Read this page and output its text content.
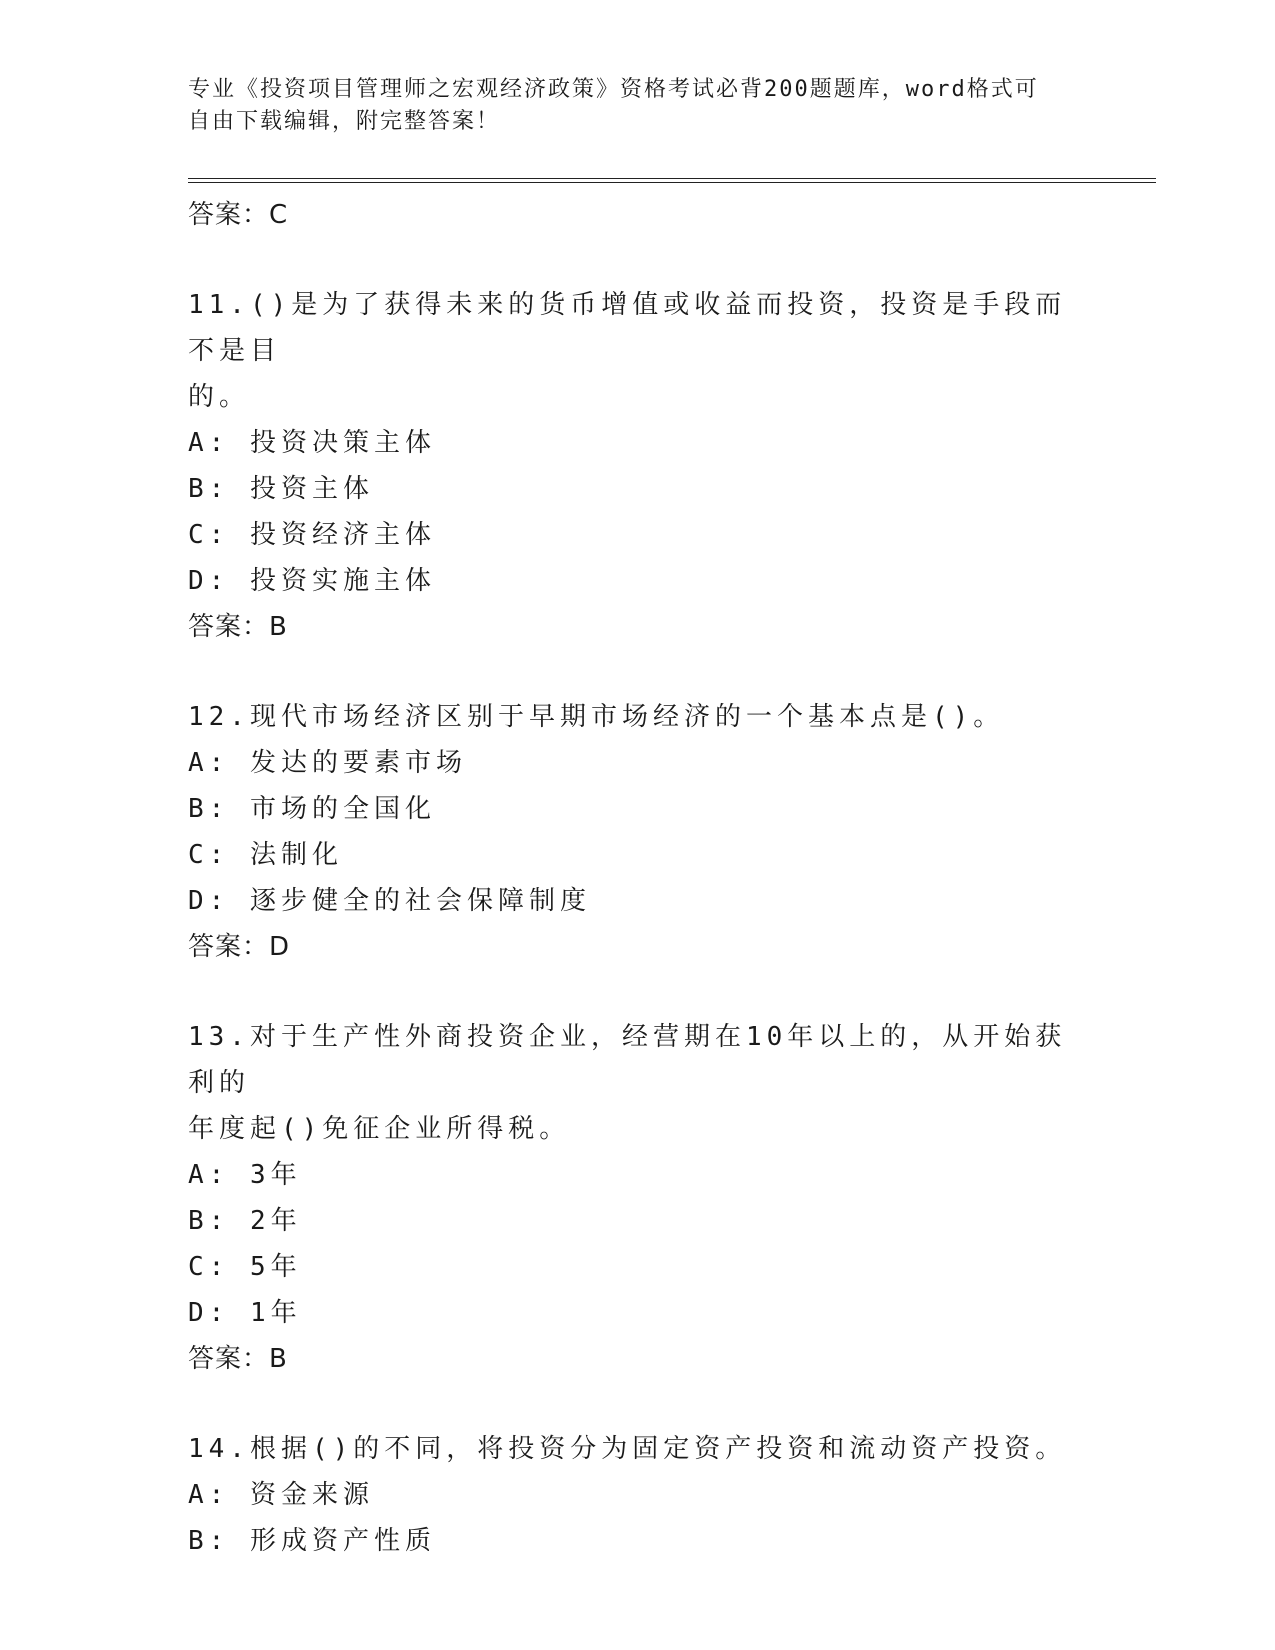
专业《投资项目管理师之宏观经济政策》资格考试必背200题题库，word格式可
自由下载编辑，附完整答案！
答案：C
11.()是为了获得未来的货币增值或收益而投资，投资是手段而不是目
的。
A: 投资决策主体
B: 投资主体
C: 投资经济主体
D: 投资实施主体
答案：B
12.现代市场经济区别于早期市场经济的一个基本点是()。
A: 发达的要素市场
B: 市场的全国化
C: 法制化
D: 逐步健全的社会保障制度
答案：D
13.对于生产性外商投资企业，经营期在10年以上的，从开始获利的
年度起()免征企业所得税。
A: 3年
B: 2年
C: 5年
D: 1年
答案：B
14.根据()的不同，将投资分为固定资产投资和流动资产投资。
A: 资金来源
B: 形成资产性质
